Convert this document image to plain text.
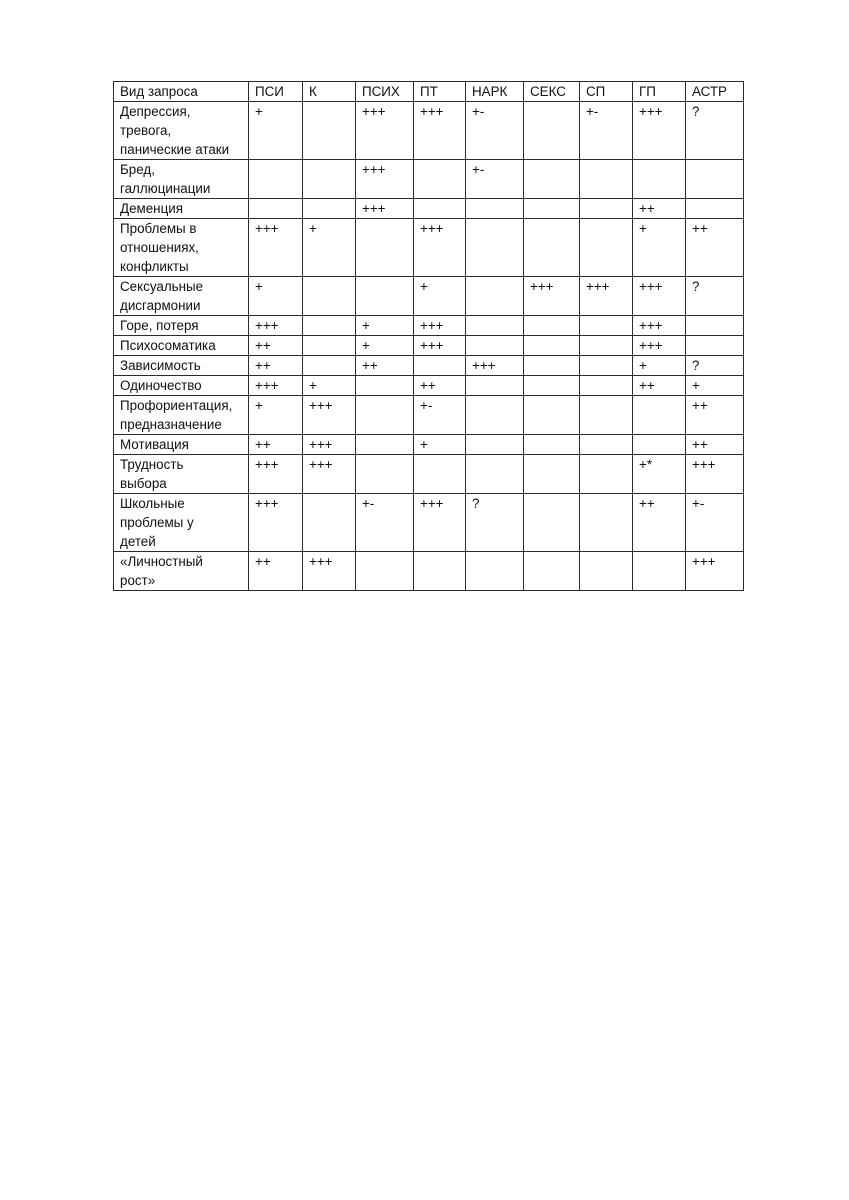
Вид запроса	ПСИ	К	ПСИХ	ПТ	НАРК	СЕКС	СП	ГП	АСТР
Депрессия,
тревога,
панические атаки	+		+++	+++	+-		+-	+++	?
Бред,
галлюцинации			+++		+-				
Деменция			+++					++	
Проблемы в
отношениях,
конфликты	+++	+		+++				+	++
Сексуальные
дисгармонии	+			+		+++	+++	+++	?
Горе, потеря	+++		+	+++				+++	
Психосоматика	++		+	+++				+++	
Зависимость	++		++		+++			+	?
Одиночество	+++	+		++				++	+
Профориентация,
предназначение	+	+++		+-					++
Мотивация	++	+++		+					++
Трудность
выбора	+++	+++						+*	+++
Школьные
проблемы у
детей	+++		+-	+++	?			++	+-
«Личностный
рост»	++	+++							+++
